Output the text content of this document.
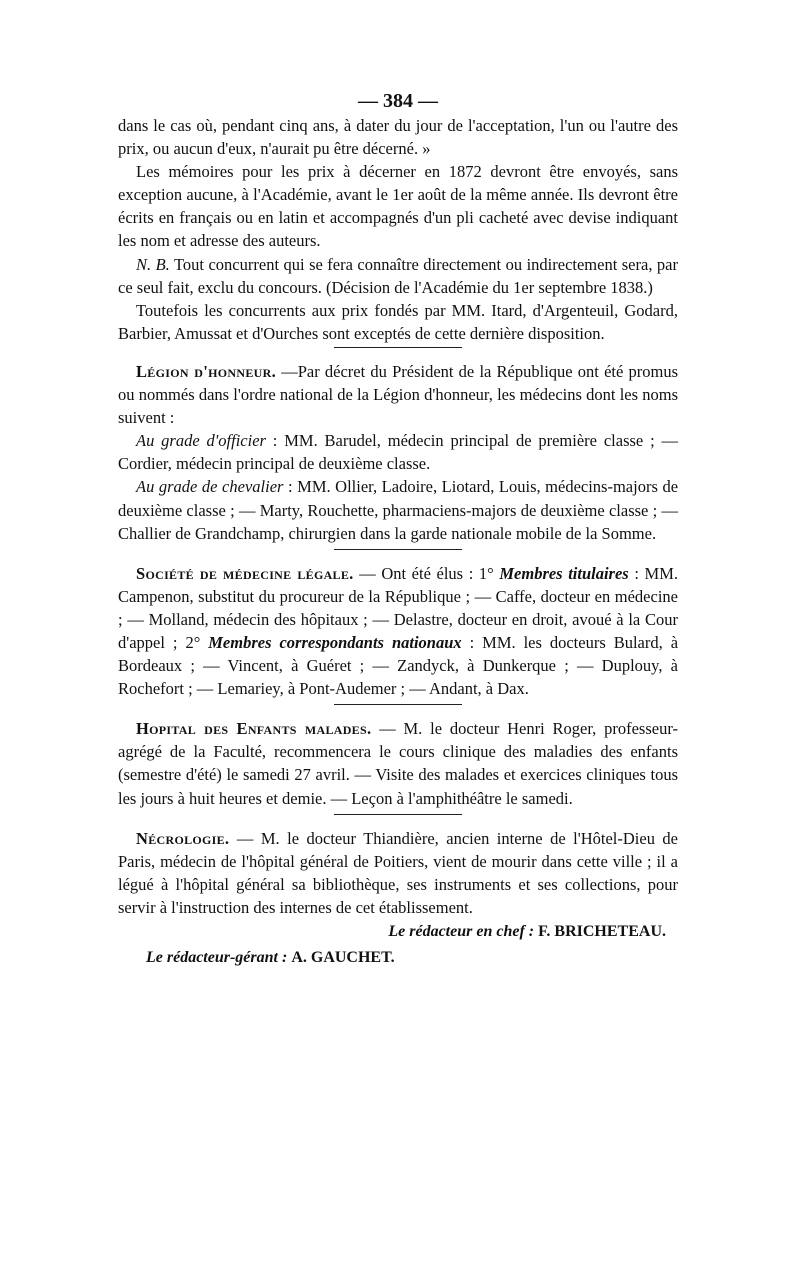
— 384 —

dans le cas où, pendant cinq ans, à dater du jour de l'acceptation, l'un ou l'autre des prix, ou aucun d'eux, n'aurait pu être décerné. »

Les mémoires pour les prix à décerner en 1872 devront être envoyés, sans exception aucune, à l'Académie, avant le 1er août de la même année. Ils devront être écrits en français ou en latin et accompagnés d'un pli cacheté avec devise indiquant les nom et adresse des auteurs.

N. B. Tout concurrent qui se fera connaître directement ou indirectement sera, par ce seul fait, exclu du concours. (Décision de l'Académie du 1er septembre 1838.)

Toutefois les concurrents aux prix fondés par MM. Itard, d'Argenteuil, Godard, Barbier, Amussat et d'Ourches sont exceptés de cette dernière disposition.

Légion d'honneur. —Par décret du Président de la République ont été promus ou nommés dans l'ordre national de la Légion d'honneur, les médecins dont les noms suivent :

Au grade d'officier : MM. Barudel, médecin principal de première classe ; — Cordier, médecin principal de deuxième classe.

Au grade de chevalier : MM. Ollier, Ladoire, Liotard, Louis, médecins-majors de deuxième classe ; — Marty, Rouchette, pharmaciens-majors de deuxième classe ; — Challier de Grandchamp, chirurgien dans la garde nationale mobile de la Somme.

Société de médecine légale. — Ont été élus : 1° Membres titulaires : MM. Campenon, substitut du procureur de la République ; — Caffe, docteur en médecine ; — Molland, médecin des hôpitaux ; — Delastre, docteur en droit, avoué à la Cour d'appel ; 2° Membres correspondants nationaux : MM. les docteurs Bulard, à Bordeaux ; — Vincent, à Guéret ; — Zandyck, à Dunkerque ; — Duplouy, à Rochefort ; — Lemariey, à Pont-Audemer ; — Andant, à Dax.

Hopital des Enfants malades. — M. le docteur Henri Roger, professeur-agrégé de la Faculté, recommencera le cours clinique des maladies des enfants (semestre d'été) le samedi 27 avril. — Visite des malades et exercices cliniques tous les jours à huit heures et demie. — Leçon à l'amphithéâtre le samedi.

Nécrologie. — M. le docteur Thiandière, ancien interne de l'Hôtel-Dieu de Paris, médecin de l'hôpital général de Poitiers, vient de mourir dans cette ville ; il a légué à l'hôpital général sa bibliothèque, ses instruments et ses collections, pour servir à l'instruction des internes de cet établissement.

Le rédacteur en chef : F. BRICHETEAU.
Le rédacteur-gérant : A. GAUCHET.
